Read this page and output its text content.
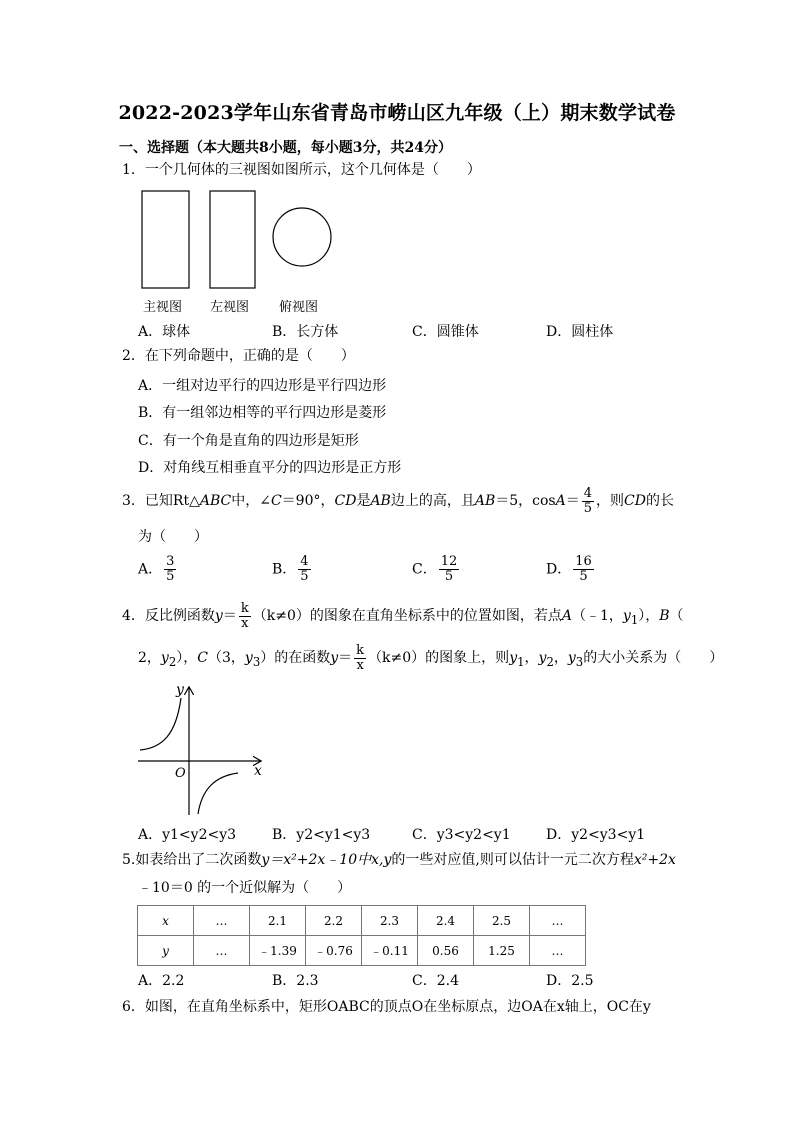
2022-2023学年山东省青岛市崂山区九年级（上）期末数学试卷
一、选择题（本大题共8小题，每小题3分，共24分）
1．一个几何体的三视图如图所示，这个几何体是（　　）
主视图 左视图 俯视图
A．球体	B．长方体	C．圆锥体	D．圆柱体
2．在下列命题中，正确的是（　　）
A．一组对边平行的四边形是平行四边形
B．有一组邻边相等的平行四边形是菱形
C．有一个角是直角的四边形是矩形
D．对角线互相垂直平分的四边形是正方形
3．已知Rt△ABC中，∠C＝90°，CD是AB边上的高，且AB＝5，$\cos A= \frac{4}{5}$ ，则CD的长
为（　　）
A． $\frac{3}{5}$	B． $\frac{4}{5}$	C． $\frac{12}{5}$	D． $\frac{16}{5}$
4．反比例函数$y= \frac{k}{x} (k\ne 0)$的图象在直角坐标系中的位置如图，若点A（﹣1，$y_1$），B（
2，$y_2$），C（3，$y_3$）的在函数$y= \frac{k}{x} (k\ne 0)$的图象上，则$y_1$，$y_2$，$y_3$的大小关系为（　　）
y
x
O
A．y1<y2<y3	B．y2<y1<y3	C．y3<y2<y1	D．y2<y3<y1
5.如表给出了二次函数y＝x²+2x﹣10中x,y的一些对应值,则可以估计一元二次方程x²+2x
﹣10＝0 的一个近似解为（　　）
x	…	2.1	2.2	2.3	2.4	2.5	…
y	…	﹣1.39	﹣0.76	﹣0.11	0.56	1.25	…
A．2.2	B．2.3	C．2.4	D．2.5
6．如图，在直角坐标系中，矩形OABC的顶点O在坐标原点，边OA在x轴上，OC在y
